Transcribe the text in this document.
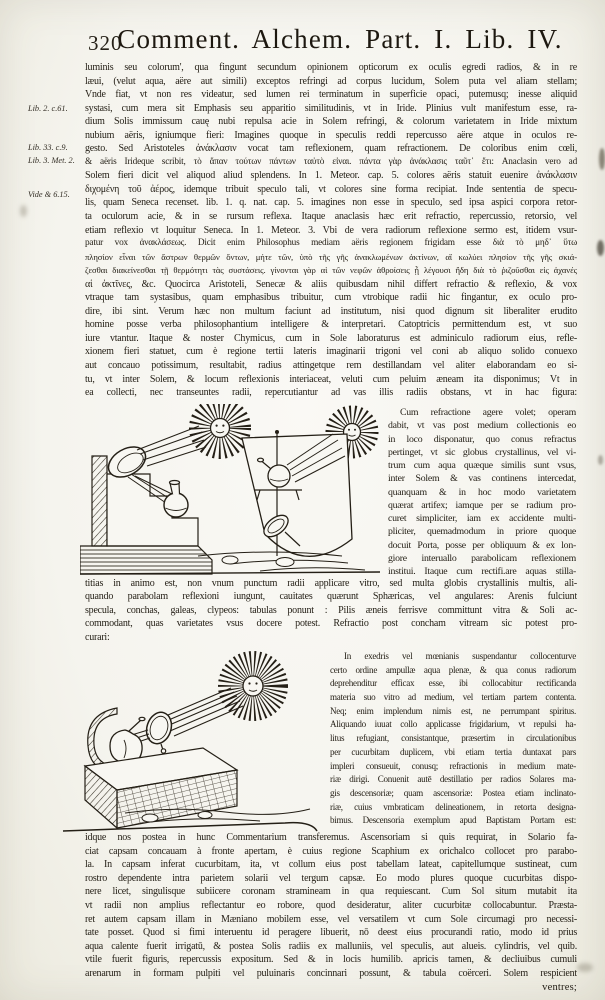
320
Comment. Alchem. Part. I. Lib. IV.
Lib. 2. c.61.
Lib. 33. c.9.
Lib. 3. Met. 2.
Vide & 6.15.
luminis seu colorum', qua fingunt secundum opinionem opticorum ex oculis egredi radios, & in re
læui, (velut aqua, aëre aut simili) exceptos refringi ad corpus lucidum, Solem puta vel aliam stellam;
Vnde fiat, vt non res videatur, sed lumen rei terminatum in superficie opaci, putemusq; inesse aliquid
systasi, cum mera sit Emphasis seu apparitio similitudinis, vt in Iride. Plinius vult manifestum esse, ra-
dium Solis immissum cauę nubi repulsa acie in Solem refringi, & colorum varietatem in Iride mixtum
nubium aëris, igniumque fieri: Imagines quoque in speculis reddi repercusso aëre atque in oculos re-
gesto. Sed Aristoteles ἀνάκλασιν vocat tam reflexionem, quam refractionem. De coloribus enim cœli,
& aëris Irideque scribit, τὸ ἅπαν τούτων πάντων ταὐτὸ εἶναι. πάντα γὰρ ἀνάκλασις ταῦτ᾽ ἔτι: Anaclasin vero ad
Solem fieri dicit vel aliquod aliud splendens. In 1. Meteor. cap. 5. colores aëris statuit euenire ἀνάκλασιν
διχομένη τοῦ ἀέρος, idemque tribuit speculo tali, vt colores sine forma recipiat. Inde sententia de specu-
lis, quam Seneca recenset. lib. 1. q. nat. cap. 5. imagines non esse in speculo, sed ipsa aspici corpora retor-
ta oculorum acie, & in se rursum reflexa. Itaque anaclasis hæc erit refractio, repercussio, retorsio, vel
etiam reflexio vt loquitur Seneca. In 1. Meteor. 3. Vbi de vera radiorum reflexione sermo est, itidem vsur-
patur vox ἀνακλάσεως. Dicit enim Philosophus mediam aëris regionem frigidam esse διὰ τὸ μηδ᾽ ὕτω
πλησίον εἶναι τῶν ἄστρων θερμῶν ὄντων, μήτε τῶν, ὑπὸ τῆς γῆς ἀνακλωμένων ἀκτίνων, αἳ κωλύει πλησίον τῆς γῆς σκιά-
ζεσθαι διακείνεσθαι τῇ θερμότητι τὰς συστάσεις. γίνονται γὰρ αἱ τῶν νεφῶν ἀθροίσεις ᾗ λέγουσι ἤδη διὰ τὸ ῥιζοῦσθαι εἰς ἀχανές
αἱ ἀκτῖνες, &c. Quocirca Aristoteli, Senecæ & aliis quibusdam nihil differt refractio & reflexio, & vox
vtraque tam systasibus, quam emphasibus tribuitur, cum vtrobique radii hic fingantur, ex oculo pro-
dire, ibi sint. Verum hæc non multum faciunt ad institutum, nisi quod dignum sit liberaliter erudito
homine posse verba philosophantium intelligere & interpretari. Catoptricis permittendum est, vt suo
iure vtantur. Itaque & noster Chymicus, cum in Sole laboraturus est adminiculo radiorum eius, refle-
xionem fieri statuet, cum è regione tertii lateris imaginarii trigoni vel coni ab aliquo solido conuexo
aut concauo potissimum, resultabit, radius attingetque rem destillandam vel aliter elaborandam eo si-
tu, vt inter Solem, & locum reflexionis interiaceat, veluti cum peluim æneam ita disponimus; Vt in
ea collecti, nec transeuntes radii, repercutiantur ad vas illis radiis obstans, vt in hac figura:
Cum refractione agere volet; operam
dabit, vt vas post medium collectionis eo
in loco disponatur, quo conus refractus
pertinget, vt sic globus crystallinus, vel vi-
trum cum aqua quæque similis sunt vsus,
inter Solem & vas continens intercedat,
quanquam & in hoc modo varietatem
quærat artifex; iamque per se radium pro-
curet simpliciter, iam ex accidente multi-
pliciter, quemadmodum in priore quoque
docuit Porta, posse per obliquum & ex lon-
giore interuallo parabolicam reflexionem
institui. Itaque cum rectifi.are aquas stilla-
titias in animo est, non vnum punctum radii applicare vitro, sed multa globis crystallinis multis, ali-
quando parabolam reflexioni iungunt, cauitates quærunt Sphæricas, vel angulares: Arenis fulciunt
specula, conchas, galeas, clypeos: tabulas ponunt : Pilis æneis ferrisve committunt vitra & Soli ac-
commodant, quas varietates vsus docere potest. Refractio post concham vitream sic potest pro-
curari:
In exedris vel mœnianis suspendantur collocenturve
certo ordine ampullæ aqua plenæ, & qua conus radiorum
deprehenditur efficax esse, ibi collocabitur rectificanda
materia suo vitro ad medium, vel tertiam partem contenta.
Neq; enim implendum nimis est, ne perrumpant spiritus.
Aliquando iuuat collo applicasse frigidarium, vt repulsi ha-
litus refugiant, consistantque, præsertim in circulationibus
per cucurbitam duplicem, vbi etiam tertia duntaxat pars
impleri consueuit, conusq; refractionis in medium mate-
riæ dirigi. Conuenit autē destillatio per radios Solares ma-
gis descensoriæ; quam ascensoriæ: Postea etiam inclinato-
riæ, cuius vmbraticam delineationem, in retorta designa-
bimus. Descensoria exemplum apud Baptistam Portam est:
idque nos postea in hunc Commentarium transferemus. Ascensoriam si quis requirat, in Solario fa-
ciat capsam concauam à fronte apertam, è cuius regione Scaphium ex orichalco collocet pro parabo-
la. In capsam inferat cucurbitam, ita, vt collum eius post tabellam lateat, capitellumque sustineat, cum
rostro dependente intra parietem solarii vel tergum capsæ. Eo modo plures quoque cucurbitas dispo-
nere licet, singulisque subiicere coronam stramineam in qua requiescant. Cum Sol situm mutabit ita
vt radii non amplius reflectantur eo robore, quod desideratur, aliter cucurbitæ collocabuntur. Præsta-
ret autem capsam illam in Mæniano mobilem esse, vel versatilem vt cum Sole circumagi pro necessi-
tate posset. Quod si fimi interuentu id peragere libuerit, nō deest eius procurandi ratio, modo id prius
aqua calente fuerit irrigatū, & postea Solis radiis ex malluniis, vel speculis, aut alueis. cylindris, vel quib.
vtile fuerit figuris, repercussis expositum. Sed & in locis humilib. apricis tamen, & decliuibus cumuli
arenarum in formam pulpiti vel puluinaris concinnari possunt, & tabula coërceri. Solem respicient
ventres;
